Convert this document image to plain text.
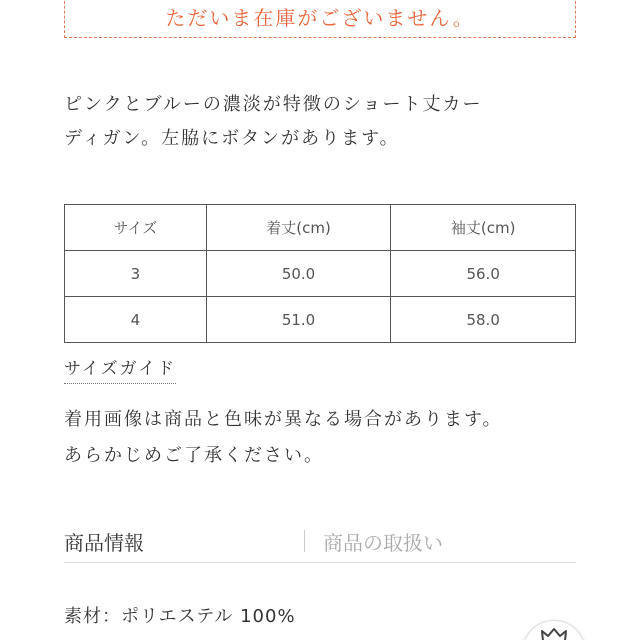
ただいま在庫がございません。
ピンクとブルーの濃淡が特徴のショート丈カー
ディガン。左脇にボタンがあります。
サイズ	着丈(cm)	袖丈(cm)
3	50.0	56.0
4	51.0	58.0
サイズガイド
着用画像は商品と色味が異なる場合があります。
あらかじめご了承ください。
商品情報	商品の取扱い
素材：ポリエステル 100%
